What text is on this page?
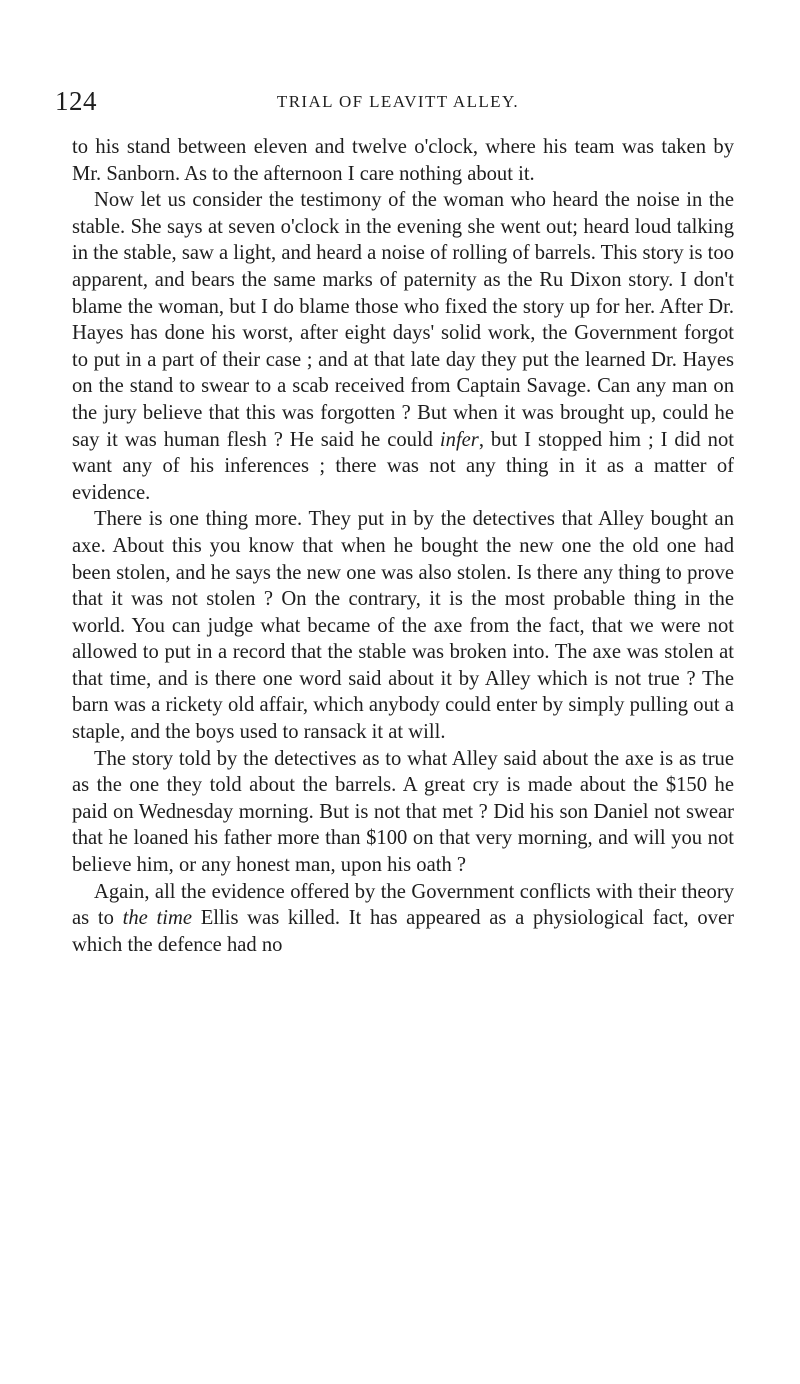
124	TRIAL OF LEAVITT ALLEY.

to his stand between eleven and twelve o'clock, where his team was taken by Mr. Sanborn. As to the afternoon I care nothing about it.

Now let us consider the testimony of the woman who heard the noise in the stable. She says at seven o'clock in the evening she went out; heard loud talking in the stable, saw a light, and heard a noise of rolling of barrels. This story is too apparent, and bears the same marks of paternity as the Ru Dixon story. I don't blame the woman, but I do blame those who fixed the story up for her. After Dr. Hayes has done his worst, after eight days' solid work, the Government forgot to put in a part of their case ; and at that late day they put the learned Dr. Hayes on the stand to swear to a scab received from Captain Savage. Can any man on the jury believe that this was forgotten ? But when it was brought up, could he say it was human flesh ? He said he could infer, but I stopped him ; I did not want any of his inferences ; there was not any thing in it as a matter of evidence.

There is one thing more. They put in by the detectives that Alley bought an axe. About this you know that when he bought the new one the old one had been stolen, and he says the new one was also stolen. Is there any thing to prove that it was not stolen ? On the contrary, it is the most probable thing in the world. You can judge what became of the axe from the fact, that we were not allowed to put in a record that the stable was broken into. The axe was stolen at that time, and is there one word said about it by Alley which is not true ? The barn was a rickety old affair, which anybody could enter by simply pulling out a staple, and the boys used to ransack it at will.

The story told by the detectives as to what Alley said about the axe is as true as the one they told about the barrels. A great cry is made about the $150 he paid on Wednesday morning. But is not that met ? Did his son Daniel not swear that he loaned his father more than $100 on that very morning, and will you not believe him, or any honest man, upon his oath ?

Again, all the evidence offered by the Government conflicts with their theory as to the time Ellis was killed. It has appeared as a physiological fact, over which the defence had no
